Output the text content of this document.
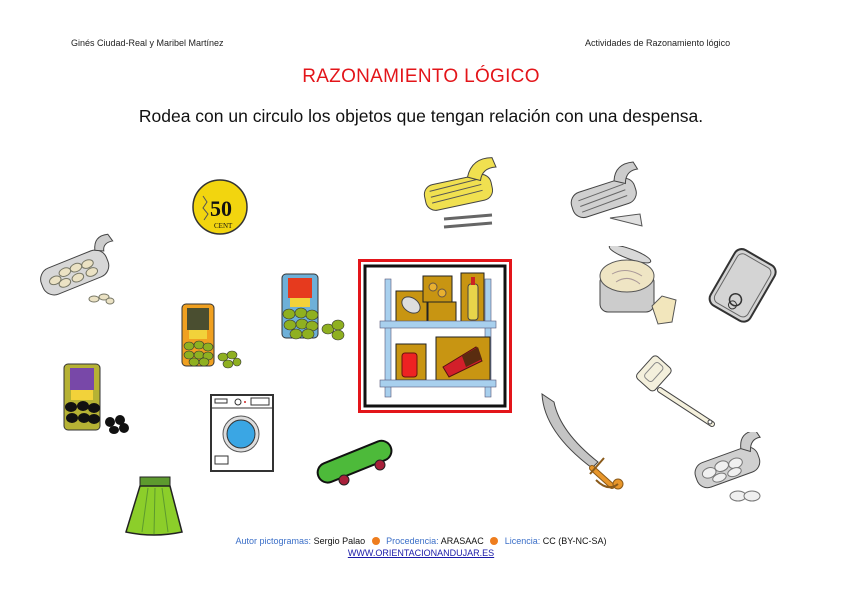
Ginés Ciudad-Real y Maribel Martínez	Actividades de Razonamiento lógico
RAZONAMIENTO LÓGICO
Rodea con un circulo los objetos que tengan relación con una despensa.
50
CENT
Autor pictogramas: Sergio Palao Procedencia: ARASAAC Licencia: CC (BY-NC-SA)
WWW.ORIENTACIONANDUJAR.ES
